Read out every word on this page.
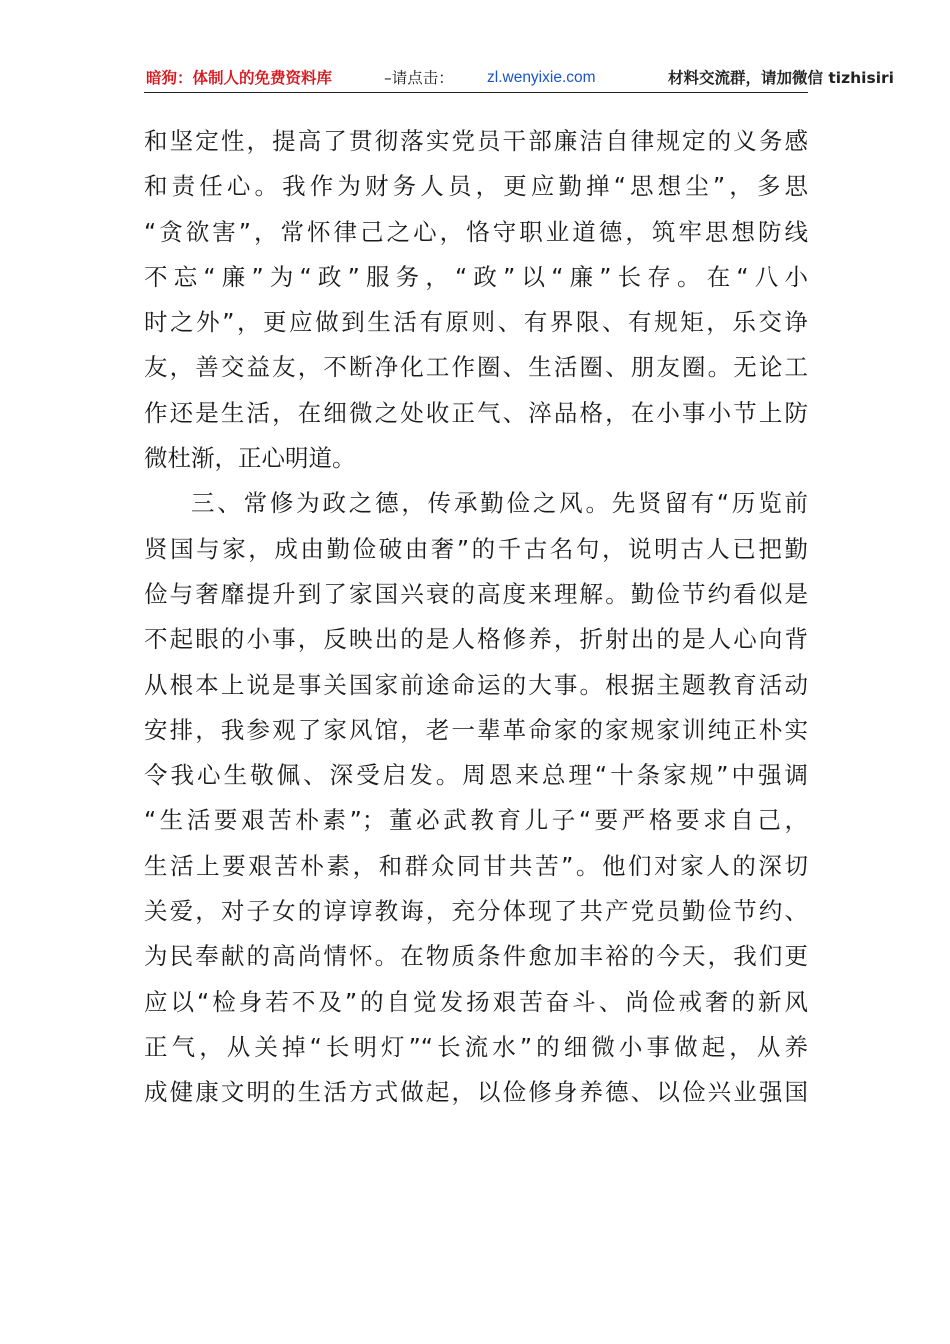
暗狗：体制人的免费资料库	–请点击： zl.wenyixie.com	材料交流群，请加微信 tizhisiri
和坚定性，提高了贯彻落实党员干部廉洁自律规定的义务感
和责任心。我作为财务人员，更应勤掸“思想尘”，多思
“贪欲害”，常怀律己之心，恪守职业道德，筑牢思想防线
不忘“廉”为“政”服务，“政”以“廉”长存。在“八小
时之外”，更应做到生活有原则、有界限、有规矩，乐交诤
友，善交益友，不断净化工作圈、生活圈、朋友圈。无论工
作还是生活，在细微之处收正气、淬品格，在小事小节上防
微杜渐，正心明道。
三、常修为政之德，传承勤俭之风。先贤留有“历览前
贤国与家，成由勤俭破由奢”的千古名句，说明古人已把勤
俭与奢靡提升到了家国兴衰的高度来理解。勤俭节约看似是
不起眼的小事，反映出的是人格修养，折射出的是人心向背
从根本上说是事关国家前途命运的大事。根据主题教育活动
安排，我参观了家风馆，老一辈革命家的家规家训纯正朴实
令我心生敬佩、深受启发。周恩来总理“十条家规”中强调
“生活要艰苦朴素”；董必武教育儿子“要严格要求自己，
生活上要艰苦朴素，和群众同甘共苦”。他们对家人的深切
关爱，对子女的谆谆教诲，充分体现了共产党员勤俭节约、
为民奉献的高尚情怀。在物质条件愈加丰裕的今天，我们更
应以“检身若不及”的自觉发扬艰苦奋斗、尚俭戒奢的新风
正气，从关掉“长明灯”“长流水”的细微小事做起，从养
成健康文明的生活方式做起，以俭修身养德、以俭兴业强国
